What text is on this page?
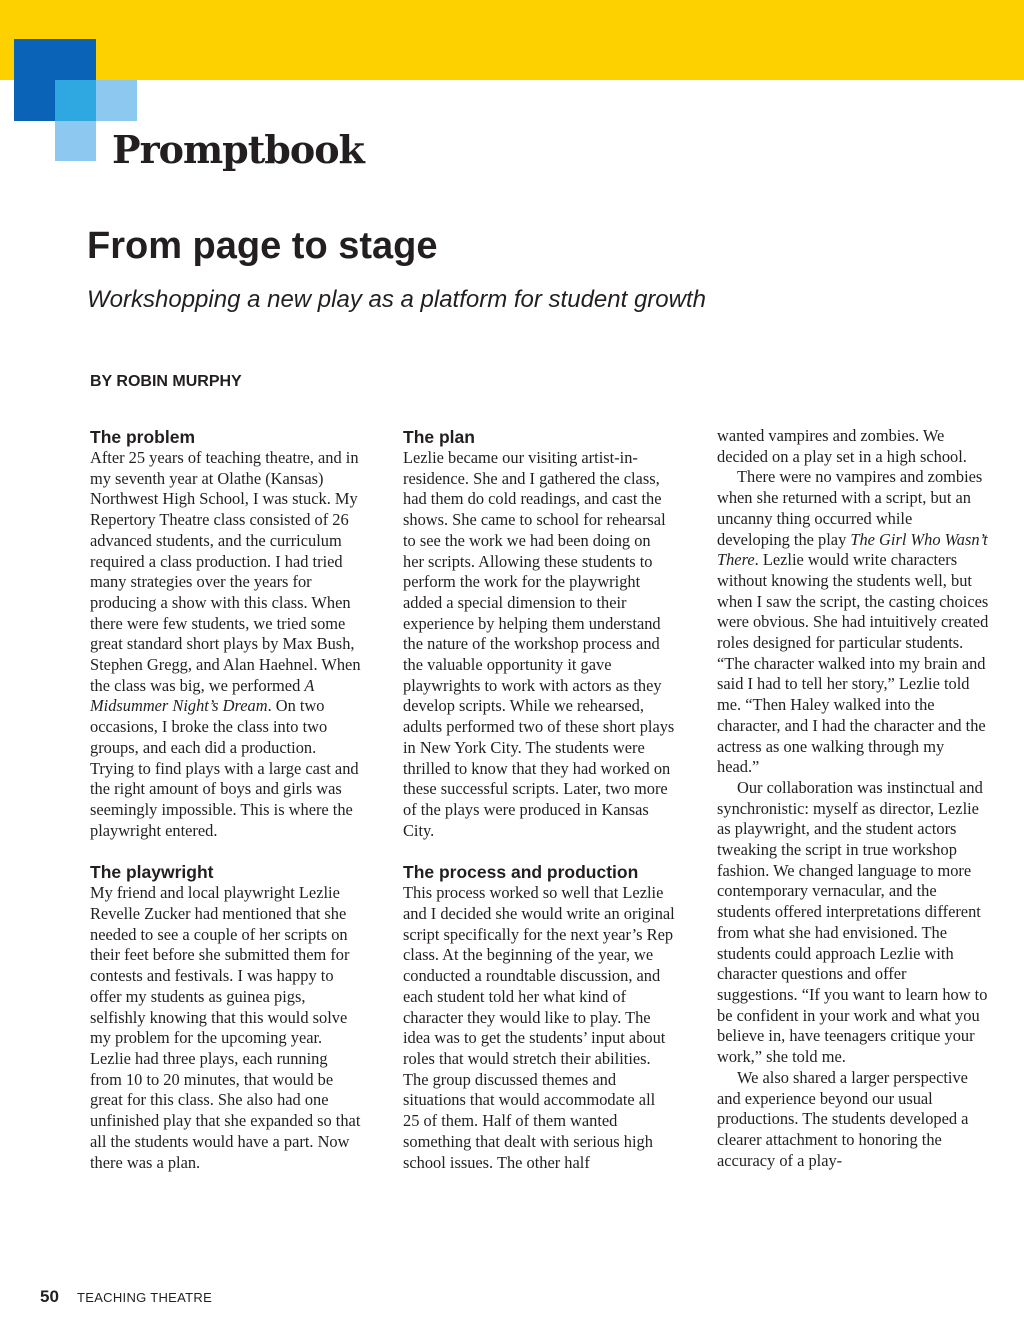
Promptbook
From page to stage

Workshopping a new play as a platform for student growth

BY ROBIN MURPHY

The problem

After 25 years of teaching theatre, and in my seventh year at Olathe (Kansas) Northwest High School, I was stuck. My Repertory Theatre class consisted of 26 advanced students, and the curriculum required a class production. I had tried many strategies over the years for producing a show with this class. When there were few students, we tried some great standard short plays by Max Bush, Stephen Gregg, and Alan Haehnel. When the class was big, we performed A Midsummer Night’s Dream. On two occasions, I broke the class into two groups, and each did a production. Trying to find plays with a large cast and the right amount of boys and girls was seemingly impossible. This is where the playwright entered.

The playwright

My friend and local playwright Lezlie Revelle Zucker had mentioned that she needed to see a couple of her scripts on their feet before she submitted them for contests and festivals. I was happy to offer my students as guinea pigs, selfishly knowing that this would solve my problem for the upcoming year. Lezlie had three plays, each running from 10 to 20 minutes, that would be great for this class. She also had one unfinished play that she expanded so that all the students would have a part. Now there was a plan.

The plan

Lezlie became our visiting artist-in-residence. She and I gathered the class, had them do cold readings, and cast the shows. She came to school for rehearsal to see the work we had been doing on her scripts. Allowing these students to perform the work for the playwright added a special dimension to their experience by helping them understand the nature of the workshop process and the valuable opportunity it gave playwrights to work with actors as they develop scripts. While we rehearsed, adults performed two of these short plays in New York City. The students were thrilled to know that they had worked on these successful scripts. Later, two more of the plays were produced in Kansas City.

The process and production

This process worked so well that Lezlie and I decided she would write an original script specifically for the next year’s Rep class. At the beginning of the year, we conducted a roundtable discussion, and each student told her what kind of character they would like to play. The idea was to get the students’ input about roles that would stretch their abilities. The group discussed themes and situations that would accommodate all 25 of them. Half of them wanted something that dealt with serious high school issues. The other half

wanted vampires and zombies. We decided on a play set in a high school.

There were no vampires and zombies when she returned with a script, but an uncanny thing occurred while developing the play The Girl Who Wasn’t There. Lezlie would write characters without knowing the students well, but when I saw the script, the casting choices were obvious. She had intuitively created roles designed for particular students. “The character walked into my brain and said I had to tell her story,” Lezlie told me. “Then Haley walked into the character, and I had the character and the actress as one walking through my head.”

Our collaboration was instinctual and synchronistic: myself as director, Lezlie as playwright, and the student actors tweaking the script in true workshop fashion. We changed language to more contemporary vernacular, and the students offered interpretations different from what she had envisioned. The students could approach Lezlie with character questions and offer suggestions. “If you want to learn how to be confident in your work and what you believe in, have teenagers critique your work,” she told me.

We also shared a larger perspective and experience beyond our usual productions. The students developed a clearer attachment to honoring the accuracy of a play-

50 TEACHING THEATRE
